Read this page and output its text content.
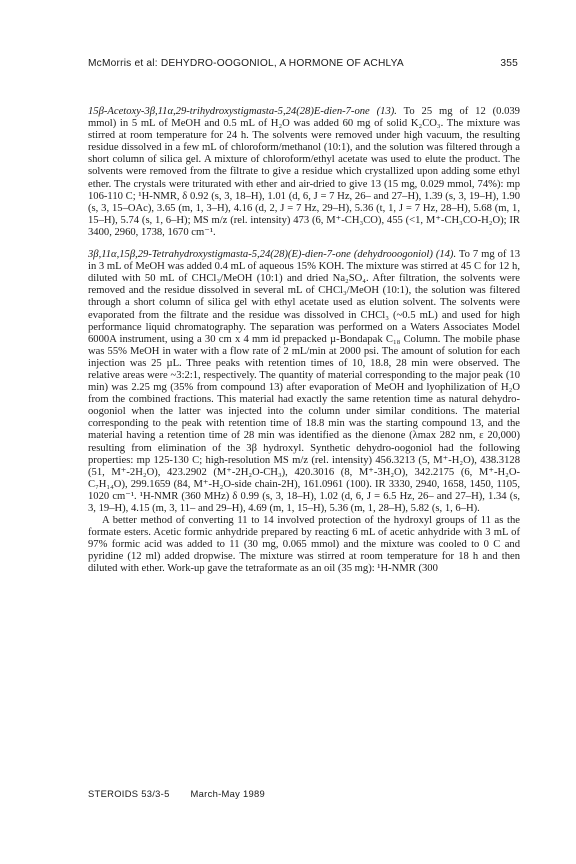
McMorris et al: DEHYDRO-OOGONIOL, A HORMONE OF ACHLYA	355

15β-Acetoxy-3β,11α,29-trihydroxystigmasta-5,24(28)E-dien-7-one (13). To 25 mg of 12 (0.039 mmol) in 5 mL of MeOH and 0.5 mL of H₂O was added 60 mg of solid K₂CO₃. The mixture was stirred at room temperature for 24 h. The solvents were removed under high vacuum, the resulting residue dissolved in a few mL of chloroform/methanol (10:1), and the solution was filtered through a short column of silica gel. A mixture of chloroform/ethyl acetate was used to elute the product. The solvents were removed from the filtrate to give a residue which crystallized upon adding some ethyl ether. The crystals were triturated with ether and air-dried to give 13 (15 mg, 0.029 mmol, 74%): mp 106-110 C; ¹H-NMR, δ 0.92 (s, 3, 18–H), 1.01 (d, 6, J = 7 Hz, 26– and 27–H), 1.39 (s, 3, 19–H), 1.90 (s, 3, 15–OAc), 3.65 (m, 1, 3–H), 4.16 (d, 2, J = 7 Hz, 29–H), 5.36 (t, 1, J = 7 Hz, 28–H), 5.68 (m, 1, 15–H), 5.74 (s, 1, 6–H); MS m/z (rel. intensity) 473 (6, M⁺-CH₃CO), 455 (<1, M⁺-CH₃CO-H₂O); IR 3400, 2960, 1738, 1670 cm⁻¹.

3β,11α,15β,29-Tetrahydroxystigmasta-5,24(28)(E)-dien-7-one (dehydrooogoniol) (14). To 7 mg of 13 in 3 mL of MeOH was added 0.4 mL of aqueous 15% KOH. The mixture was stirred at 45 C for 12 h, diluted with 50 mL of CHCl₃/MeOH (10:1) and dried Na₂SO₄. After filtration, the solvents were removed and the residue dissolved in several mL of CHCl₃/MeOH (10:1), the solution was filtered through a short column of silica gel with ethyl acetate used as elution solvent. The solvents were evaporated from the filtrate and the residue was dissolved in CHCl₃ (~0.5 mL) and used for high performance liquid chromatography. The separation was performed on a Waters Associates Model 6000A instrument, using a 30 cm x 4 mm id prepacked µ-Bondapak C₁₈ Column. The mobile phase was 55% MeOH in water with a flow rate of 2 mL/min at 2000 psi. The amount of solution for each injection was 25 µL. Three peaks with retention times of 10, 18.8, 28 min were observed. The relative areas were ~3:2:1, respectively. The quantity of material corresponding to the major peak (10 min) was 2.25 mg (35% from compound 13) after evaporation of MeOH and lyophilization of H₂O from the combined fractions. This material had exactly the same retention time as natural dehydro-oogoniol when the latter was injected into the column under similar conditions. The material corresponding to the peak with retention time of 18.8 min was the starting compound 13, and the material having a retention time of 28 min was identified as the dienone (λmax 282 nm, ε 20,000) resulting from elimination of the 3β hydroxyl. Synthetic dehydro-oogoniol had the following properties: mp 125-130 C; high-resolution MS m/z (rel. intensity) 456.3213 (5, M⁺-H₂O), 438.3128 (51, M⁺-2H₂O), 423.2902 (M⁺-2H₂O-CH₃), 420.3016 (8, M⁺-3H₂O), 342.2175 (6, M⁺-H₂O-C₇H₁₄O), 299.1659 (84, M⁺-H₂O-side chain-2H), 161.0961 (100). IR 3330, 2940, 1658, 1450, 1105, 1020 cm⁻¹. ¹H-NMR (360 MHz) δ 0.99 (s, 3, 18–H), 1.02 (d, 6, J = 6.5 Hz, 26– and 27–H), 1.34 (s, 3, 19–H), 4.15 (m, 3, 11– and 29–H), 4.69 (m, 1, 15–H), 5.36 (m, 1, 28–H), 5.82 (s, 1, 6–H).

A better method of converting 11 to 14 involved protection of the hydroxyl groups of 11 as the formate esters. Acetic formic anhydride prepared by reacting 6 mL of acetic anhydride with 3 mL of 97% formic acid was added to 11 (30 mg, 0.065 mmol) and the mixture was cooled to 0 C and pyridine (12 ml) added dropwise. The mixture was stirred at room temperature for 18 h and then diluted with ether. Work-up gave the tetraformate as an oil (35 mg): ¹H-NMR (300

STEROIDS 53/3-5 March-May 1989
